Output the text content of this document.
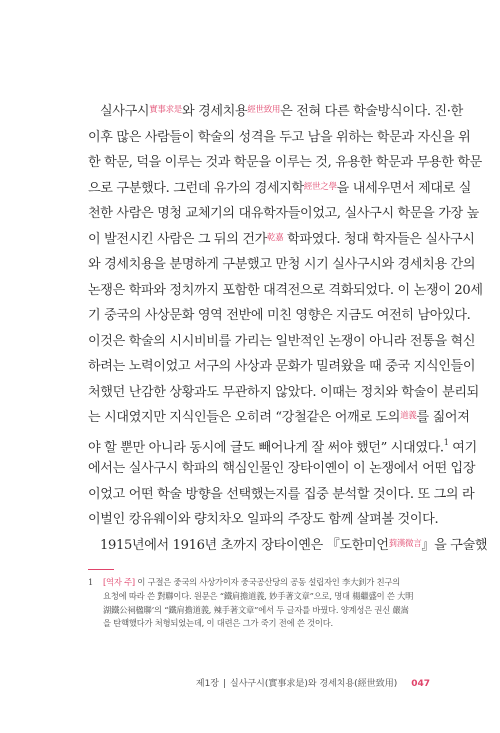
실사구시$^{實事求是}$와 경세치용$^{經世致用}$은 전혀 다른 학술방식이다. 진·한
이후 많은 사람들이 학술의 성격을 두고 남을 위하는 학문과 자신을 위
한 학문, 덕을 이루는 것과 학문을 이루는 것, 유용한 학문과 무용한 학문
으로 구분했다. 그런데 유가의 경세지학$^{經世之學}$을 내세우면서 제대로 실
천한 사람은 명청 교체기의 대유학자들이었고, 실사구시 학문을 가장 높
이 발전시킨 사람은 그 뒤의 건가$^{乾嘉}$ 학파였다. 청대 학자들은 실사구시
와 경세치용을 분명하게 구분했고 만청 시기 실사구시와 경세치용 간의
논쟁은 학파와 정치까지 포함한 대격전으로 격화되었다. 이 논쟁이 20세
기 중국의 사상문화 영역 전반에 미친 영향은 지금도 여전히 남아있다.
이것은 학술의 시시비비를 가리는 일반적인 논쟁이 아니라 전통을 혁신
하려는 노력이었고 서구의 사상과 문화가 밀려왔을 때 중국 지식인들이
처했던 난감한 상황과도 무관하지 않았다. 이때는 정치와 학술이 분리되
는 시대였지만 지식인들은 오히려 “강철같은 어깨로 도의$^{道義}$를 짊어져
야 할 뿐만 아니라 동시에 글도 빼어나게 잘 써야 했던” 시대였다.$^1$ 여기
에서는 실사구시 학파의 핵심인물인 장타이옌이 이 논쟁에서 어떤 입장
이었고 어떤 학술 방향을 선택했는지를 집중 분석할 것이다. 또 그의 라
이벌인 캉유웨이와 량치차오 일파의 주장도 함께 살펴볼 것이다.
1915년에서 1916년 초까지 장타이옌은 『도한미언$^{菿漢微言}$』을 구술했
1	[역자 주] 이 구절은 중국의 사상가이자 중국공산당의 공동 설립자인 李大釗가 친구의
요청에 따라 쓴 對聯이다. 원문은 “鐵肩擔道義, 妙手著文章”으로, 명대 楊繼盛이 쓴 大明
湖鐵公祠楹聯’의 “鐵肩擔道義, 辣手著文章”에서 두 글자를 바꿨다. 양계성은 권신 嚴嵩
을 탄핵했다가 처형되었는데, 이 대련은 그가 죽기 전에 쓴 것이다.
제1장 | 실사구시(實事求是)와 경세치용(經世致用) 047
